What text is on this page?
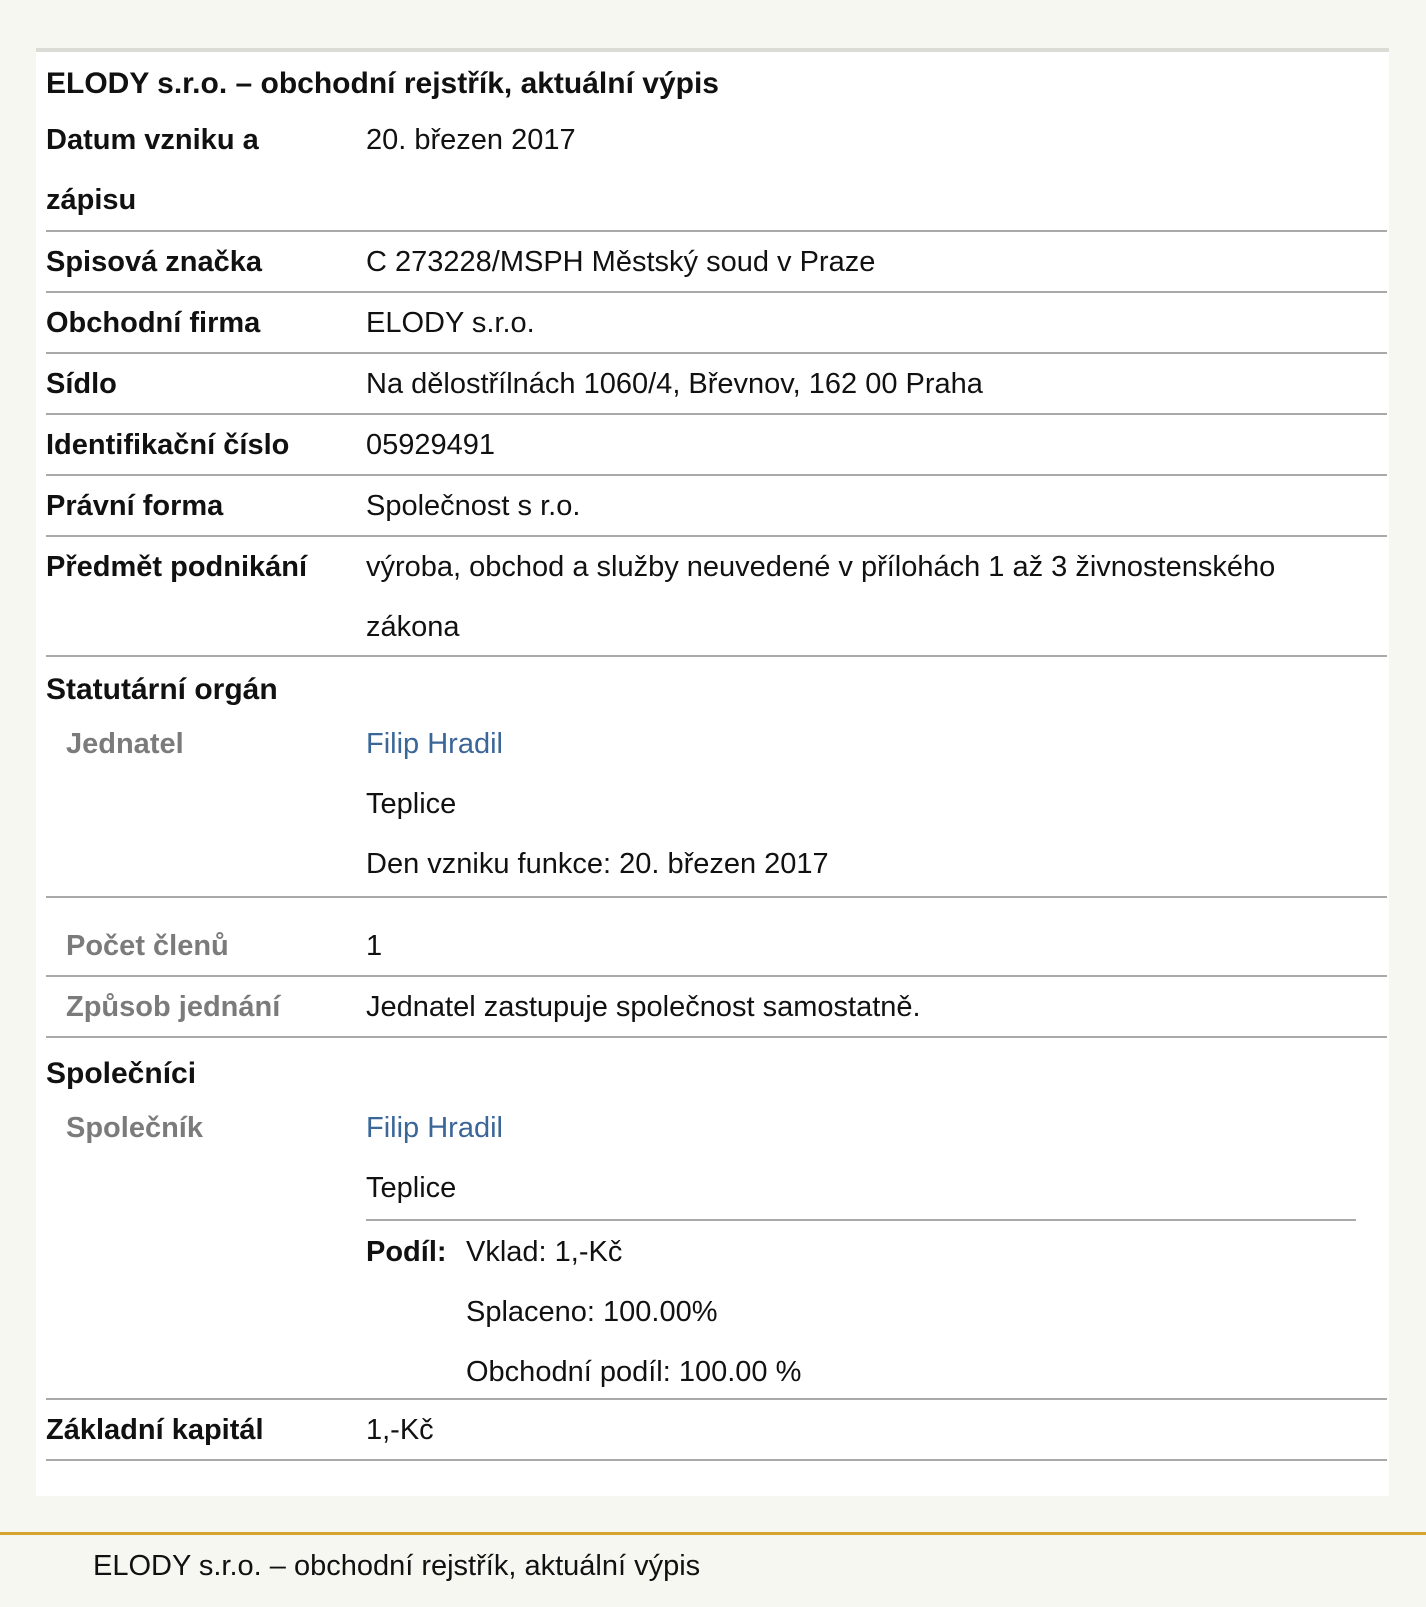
ELODY s.r.o. – obchodní rejstřík, aktuální výpis
Datum vzniku a zápisu
20. březen 2017
Spisová značka	C 273228/MSPH Městský soud v Praze
Obchodní firma	ELODY s.r.o.
Sídlo	Na dělostřílnách 1060/4, Břevnov, 162 00 Praha
Identifikační číslo	05929491
Právní forma	Společnost s r.o.
Předmět podnikání	výroba, obchod a služby neuvedené v přílohách 1 až 3 živnostenského
zákona
Statutární orgán
Jednatel	Filip Hradil
Teplice
Den vzniku funkce: 20. březen 2017
Počet členů	1
Způsob jednání	Jednatel zastupuje společnost samostatně.
Společníci
Společník	Filip Hradil
Teplice
Podíl: Vklad: 1,-Kč
Splaceno: 100.00%
Obchodní podíl: 100.00 %
Základní kapitál	1,-Kč
ELODY s.r.o. – obchodní rejstřík, aktuální výpis
